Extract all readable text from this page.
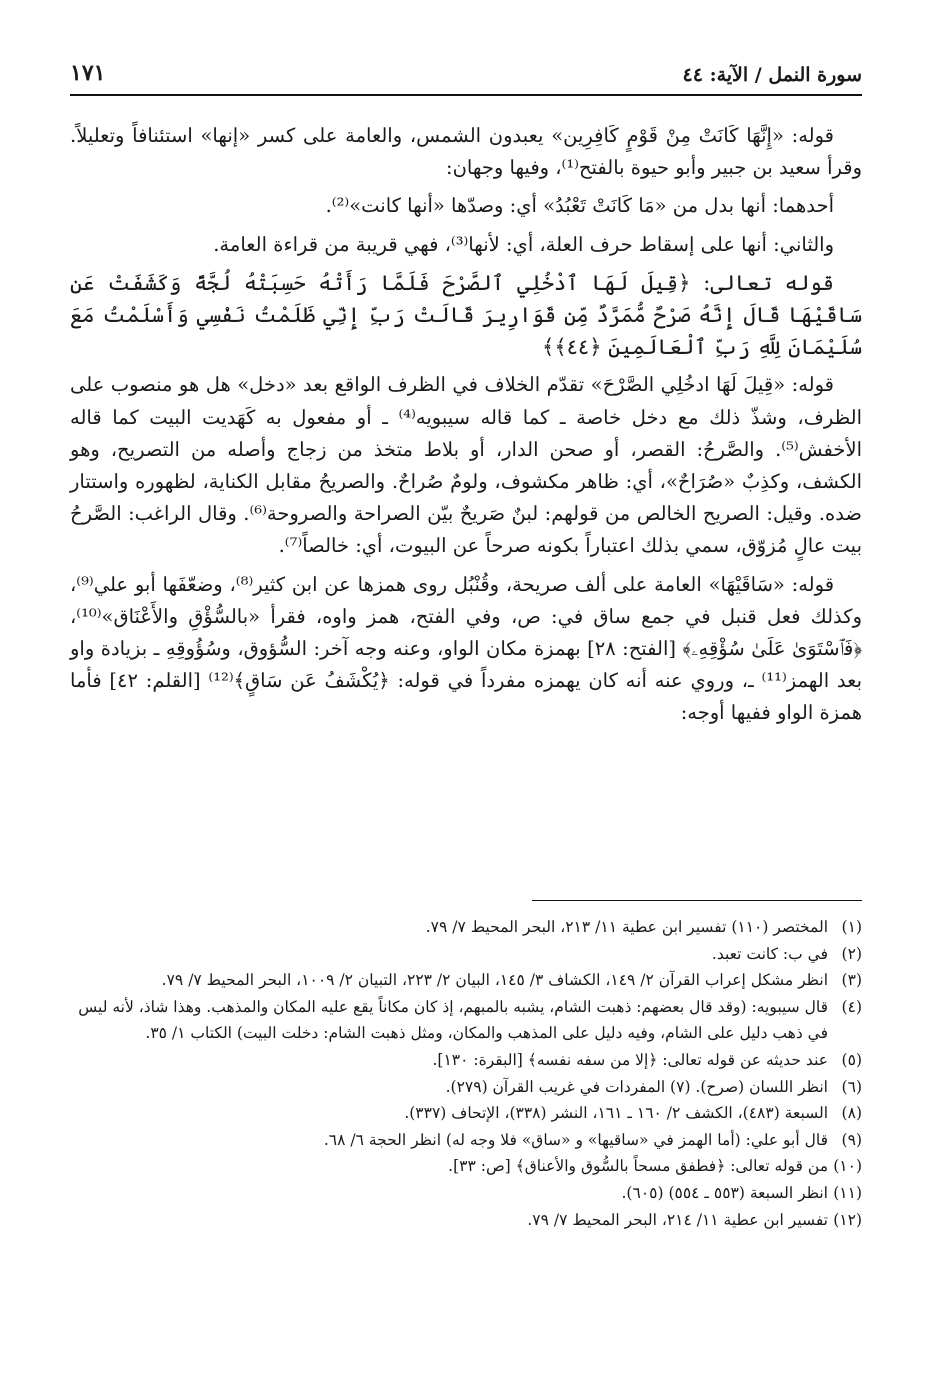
سورة النمل / الآية: ٤٤
١٧١

قوله: «إِنَّهَا كَانَتْ مِنْ قَوْمٍ كَافِرِين» يعبدون الشمس، والعامة على كسر «إنها» استئنافاً وتعليلاً. وقرأ سعيد بن جبير وأبو حيوة بالفتح⁽¹⁾، وفيها وجهان:

أحدهما: أنها بدل من «مَا كَانَتْ تَعْبُدُ» أي: وصدّها «أنها كانت»⁽²⁾.

والثاني: أنها على إسقاط حرف العلة، أي: لأنها⁽³⁾، فهي قريبة من قراءة العامة.

قوله تعالى: ﴿قِيلَ لَهَا ٱدْخُلِي ٱلصَّرْحَ فَلَمَّا رَأَتْهُ حَسِبَتْهُ لُجَّةً وَكَشَفَتْ عَن سَاقَيْهَا قَالَ إِنَّهُ صَرْحٌ مُّمَرَّدٌ مِّن قَوَارِيرَ قَالَتْ رَبِّ إِنِّي ظَلَمْتُ نَفْسِي وَأَسْلَمْتُ مَعَ سُلَيْمَانَ لِلَّهِ رَبِّ ٱلْعَالَمِينَ ﴿٤٤﴾﴾

قوله: «قِيلَ لَهَا ادخُلِي الصَّرْحَ» تقدّم الخلاف في الظرف الواقع بعد «دخل» هل هو منصوب على الظرف، وشذّ ذلك مع دخل خاصة ـ كما قاله سيبويه⁽⁴⁾ ـ أو مفعول به كَهَديت البيت كما قاله الأخفش⁽⁵⁾. والصَّرحُ: القصر، أو صحن الدار، أو بلاط متخذ من زجاج وأصله من التصريح، وهو الكشف، وكذِبٌ «صُرَاحٌ»، أي: ظاهر مكشوف، ولومٌ صُراحٌ. والصريحُ مقابل الكناية، لظهوره واستتار ضده. وقيل: الصريح الخالص من قولهم: لبنٌ صَريحٌ بيّن الصراحة والصروحة⁽⁶⁾. وقال الراغب: الصَّرحُ بيت عالٍ مُزوّق، سمي بذلك اعتباراً بكونه صرحاً عن البيوت، أي: خالصاً⁽⁷⁾.

قوله: «سَاقَيْهَا» العامة على ألف صريحة، وقُنْبُل روى همزها عن ابن كثير⁽⁸⁾، وضعّفَها أبو علي⁽⁹⁾، وكذلك فعل قنبل في جمع ساق في: ص، وفي الفتح، همز واوه، فقرأ «بالسُّؤْقِ والأَعْنَاق»⁽¹⁰⁾، ﴿فَٱسْتَوَىٰ عَلَىٰ سُؤْقِهِۦ﴾ [الفتح: ٢٨] بهمزة مكان الواو، وعنه وجه آخر: السُّؤوق، وسُؤُوقِهِ ـ بزيادة واو بعد الهمز⁽¹¹⁾ ـ، وروي عنه أنه كان يهمزه مفرداً في قوله: ﴿يُكْشَفُ عَن سَاقٍ﴾⁽¹²⁾ [القلم: ٤٢] فأما همزة الواو ففيها أوجه:

(١)
المختصر (١١٠) تفسير ابن عطية ١١/ ٢١٣، البحر المحيط ٧/ ٧٩.
(٢)
في ب: كانت تعبد.
(٣)
انظر مشكل إعراب القرآن ٢/ ١٤٩، الكشاف ٣/ ١٤٥، البيان ٢/ ٢٢٣، التبيان ٢/ ١٠٠٩، البحر المحيط ٧/ ٧٩.
(٤)
قال سيبويه: (وقد قال بعضهم: ذهبت الشام، يشبه بالمبهم، إذ كان مكاناً يقع عليه المكان والمذهب. وهذا شاذ، لأنه ليس في ذهب دليل على الشام، وفيه دليل على المذهب والمكان، ومثل ذهبت الشام: دخلت البيت) الكتاب ١/ ٣٥.
(٥)
عند حديثه عن قوله تعالى: ﴿إلا من سفه نفسه﴾ [البقرة: ١٣٠].
(٦)
انظر اللسان (صرح). (٧) المفردات في غريب القرآن (٢٧٩).
(٨)
السبعة (٤٨٣)، الكشف ٢/ ١٦٠ ـ ١٦١، النشر (٣٣٨)، الإتحاف (٣٣٧).
(٩)
قال أبو علي: (أما الهمز في «ساقيها» و «ساق» فلا وجه له) انظر الحجة ٦/ ٦٨.
(١٠)
من قوله تعالى: ﴿فطفق مسحاً بالسُّوق والأعناق﴾ [ص: ٣٣].
(١١)
انظر السبعة (٥٥٣ ـ ٥٥٤) (٦٠٥).
(١٢)
تفسير ابن عطية ١١/ ٢١٤، البحر المحيط ٧/ ٧٩.
